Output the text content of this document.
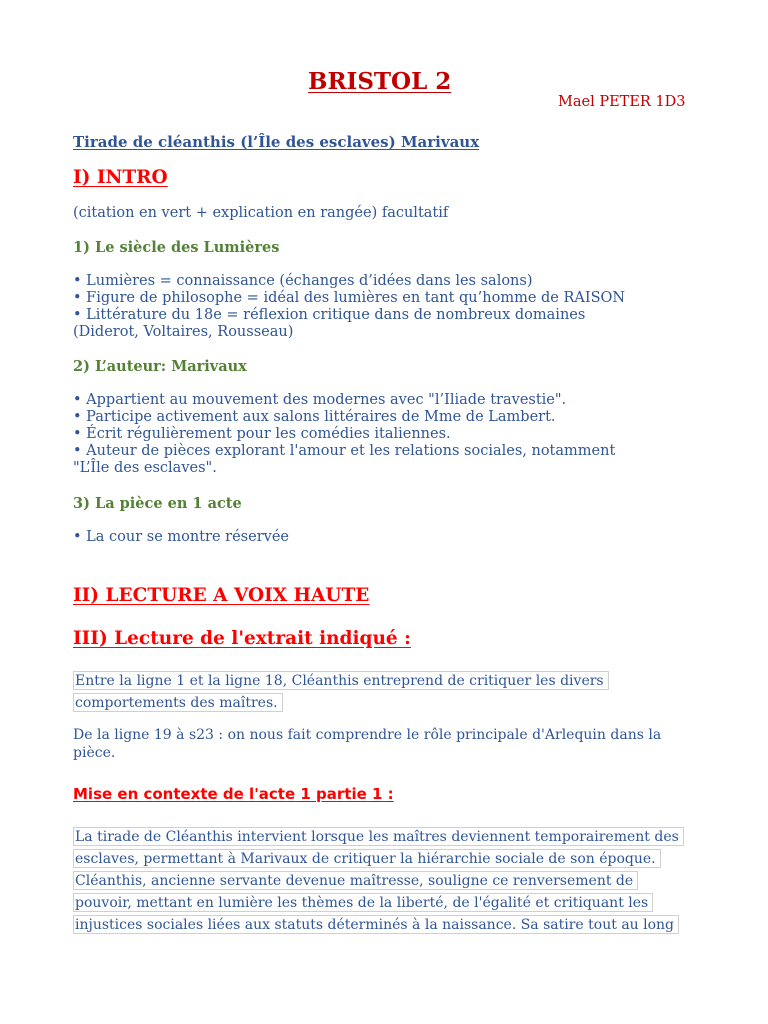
BRISTOL 2
Mael PETER 1D3
Tirade de cléanthis (l’Île des esclaves) Marivaux
I) INTRO
(citation en vert + explication en rangée) facultatif
1) Le siècle des Lumières
• Lumières = connaissance (échanges d’idées dans les salons)
• Figure de philosophe = idéal des lumières en tant qu’homme de RAISON
• Littérature du 18e = réflexion critique dans de nombreux domaines
(Diderot, Voltaires, Rousseau)
2) L’auteur: Marivaux
• Appartient au mouvement des modernes avec "l’Iliade travestie".
• Participe activement aux salons littéraires de Mme de Lambert.
• Écrit régulièrement pour les comédies italiennes.
• Auteur de pièces explorant l'amour et les relations sociales, notamment
"L’Île des esclaves".
3) La pièce en 1 acte
• La cour se montre réservée
II) LECTURE A VOIX HAUTE
III) Lecture de l'extrait indiqué :
Entre la ligne 1 et la ligne 18, Cléanthis entreprend de critiquer les divers
comportements des maîtres.
De la ligne 19 à s23 : on nous fait comprendre le rôle principale d'Arlequin dans la
pièce.
Mise en contexte de l'acte 1 partie 1 :
La tirade de Cléanthis intervient lorsque les maîtres deviennent temporairement des
esclaves, permettant à Marivaux de critiquer la hiérarchie sociale de son époque.
Cléanthis, ancienne servante devenue maîtresse, souligne ce renversement de
pouvoir, mettant en lumière les thèmes de la liberté, de l'égalité et critiquant les
injustices sociales liées aux statuts déterminés à la naissance. Sa satire tout au long
